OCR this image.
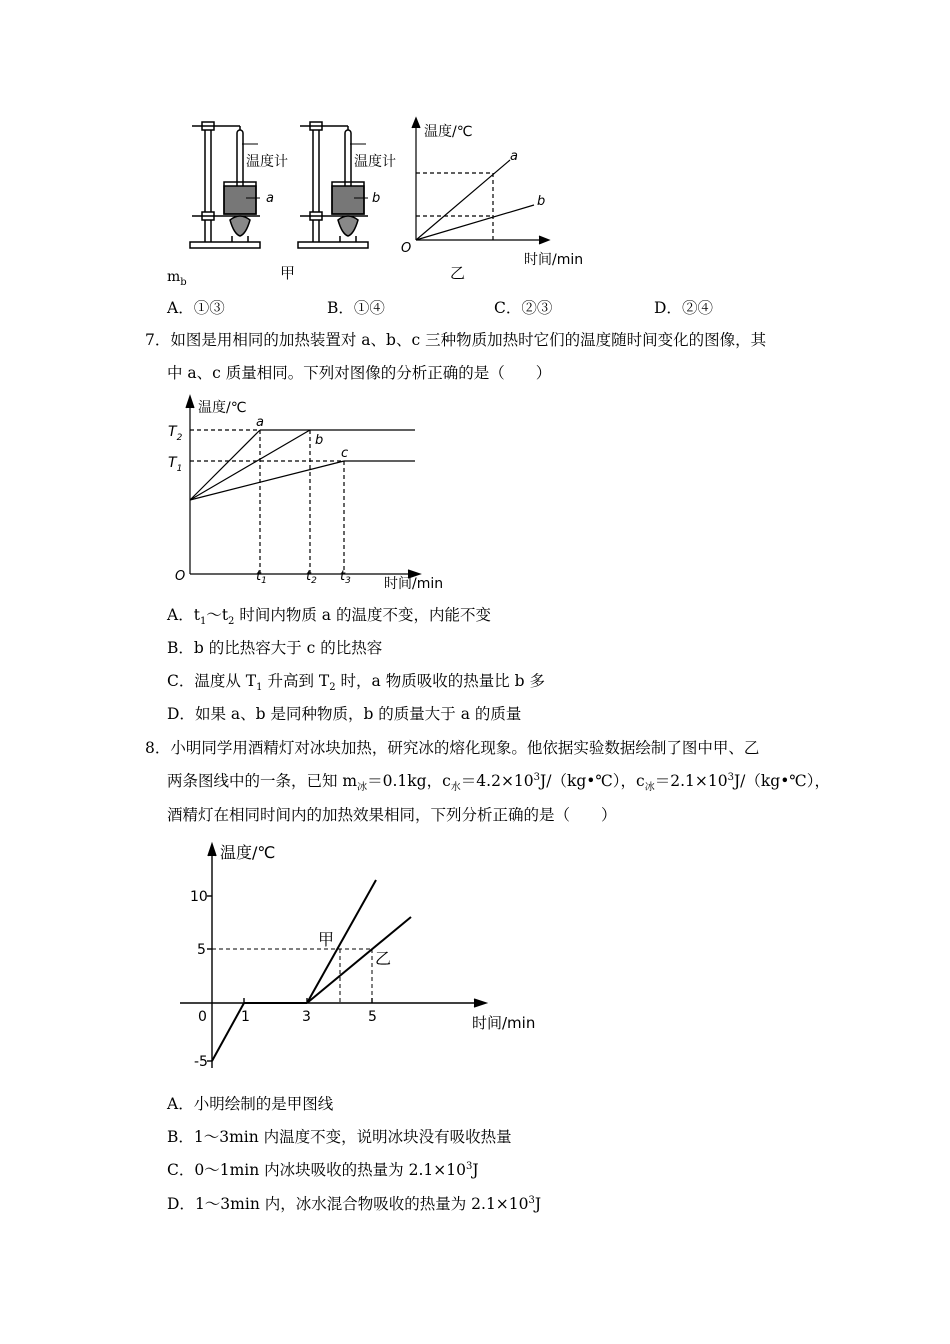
温度计
a
温度计
b
甲
温度/℃
O
a
b
时间/min
乙
$m_b$
A．①③	B．①④	C．②③	D．②④
7．如图是用相同的加热装置对 a、b、c 三种物质加热时它们的温度随时间变化的图像，其
中 a、c 质量相同。下列对图像的分析正确的是（　　）
温度/℃
$T_2$
$T_1$
O	$t_1$	$t_2$ $t_3$ 时间/min
a
b
c
A．$t_1\sim t_2$ 时间内物质 a 的温度不变，内能不变
B．b 的比热容大于 c 的比热容
C．温度从 $T_1$ 升高到 $T_2$ 时，a 物质吸收的热量比 b 多
D．如果 a、b 是同种物质，b 的质量大于 a 的质量
8．小明同学用酒精灯对冰块加热，研究冰的熔化现象。他依据实验数据绘制了图中甲、乙
两条图线中的一条，已知 $m_冰=0.1kg$，$c_水=4.2\times 10^3J/(kg•℃)$，$c_冰=2.1\times 10^3J/(kg•℃)$，
酒精灯在相同时间内的加热效果相同，下列分析正确的是（　　）
温度/℃
10
5
0
-5
1	3	5	时间/min
甲
乙
A．小明绘制的是甲图线
B．1～3min 内温度不变，说明冰块没有吸收热量
C．0～1min 内冰块吸收的热量为 $2.1\times 10^3J$
D．1～3min 内，冰水混合物吸收的热量为 $2.1\times 10^3J$
